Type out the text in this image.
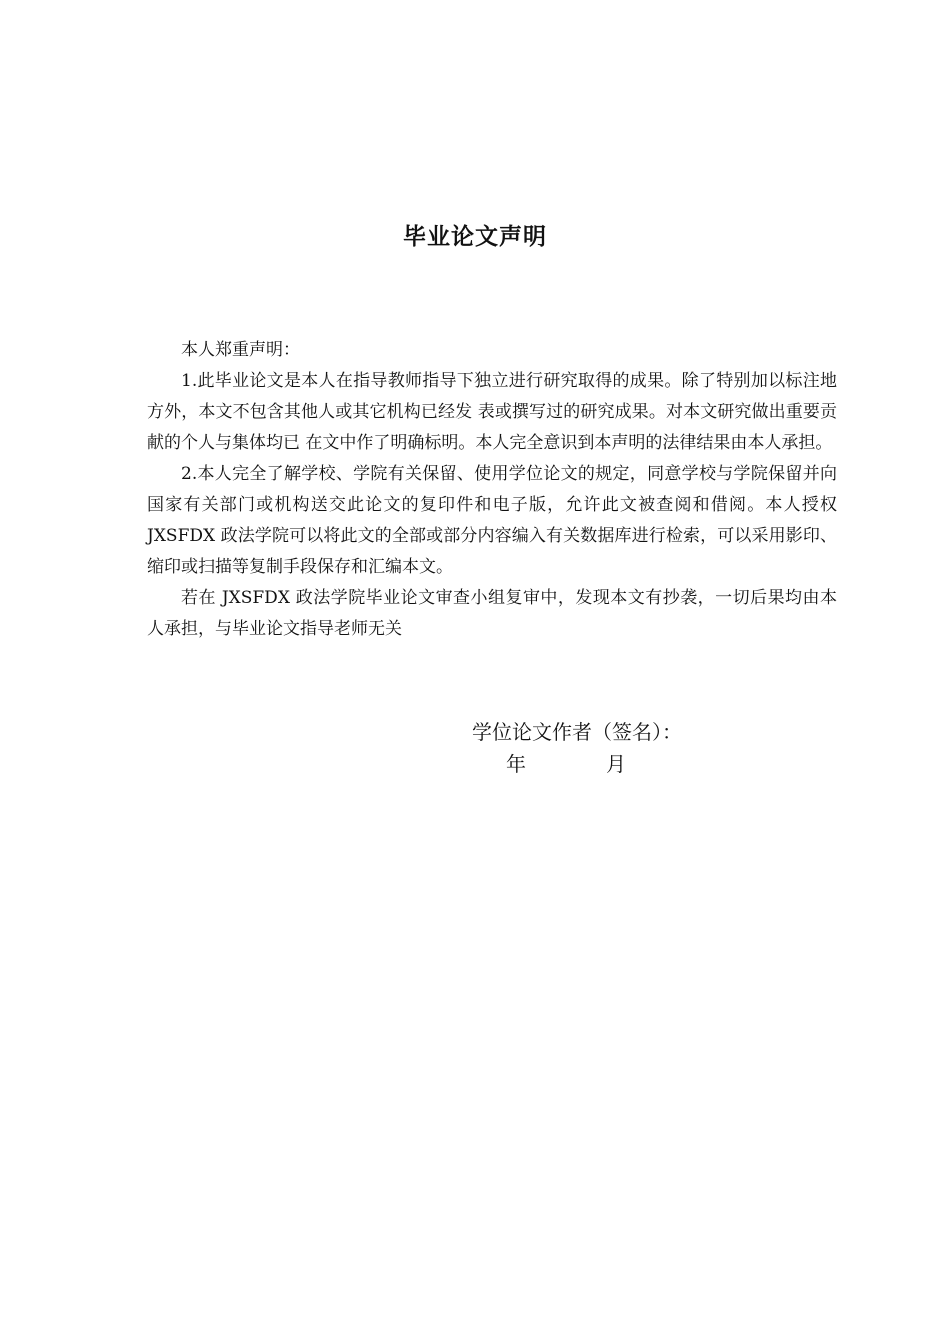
毕业论文声明

本人郑重声明：

1.此毕业论文是本人在指导教师指导下独立进行研究取得的成果。除了特别加以标注地方外，本文不包含其他人或其它机构已经发 表或撰写过的研究成果。对本文研究做出重要贡献的个人与集体均已 在文中作了明确标明。本人完全意识到本声明的法律结果由本人承担。

2.本人完全了解学校、学院有关保留、使用学位论文的规定，同意学校与学院保留并向国家有关部门或机构送交此论文的复印件和电子版，允许此文被查阅和借阅。本人授权 JXSFDX 政法学院可以将此文的全部或部分内容编入有关数据库进行检索，可以采用影印、缩印或扫描等复制手段保存和汇编本文。

若在 JXSFDX 政法学院毕业论文审查小组复审中，发现本文有抄袭，一切后果均由本人承担，与毕业论文指导老师无关

学位论文作者（签名）：
年	月
